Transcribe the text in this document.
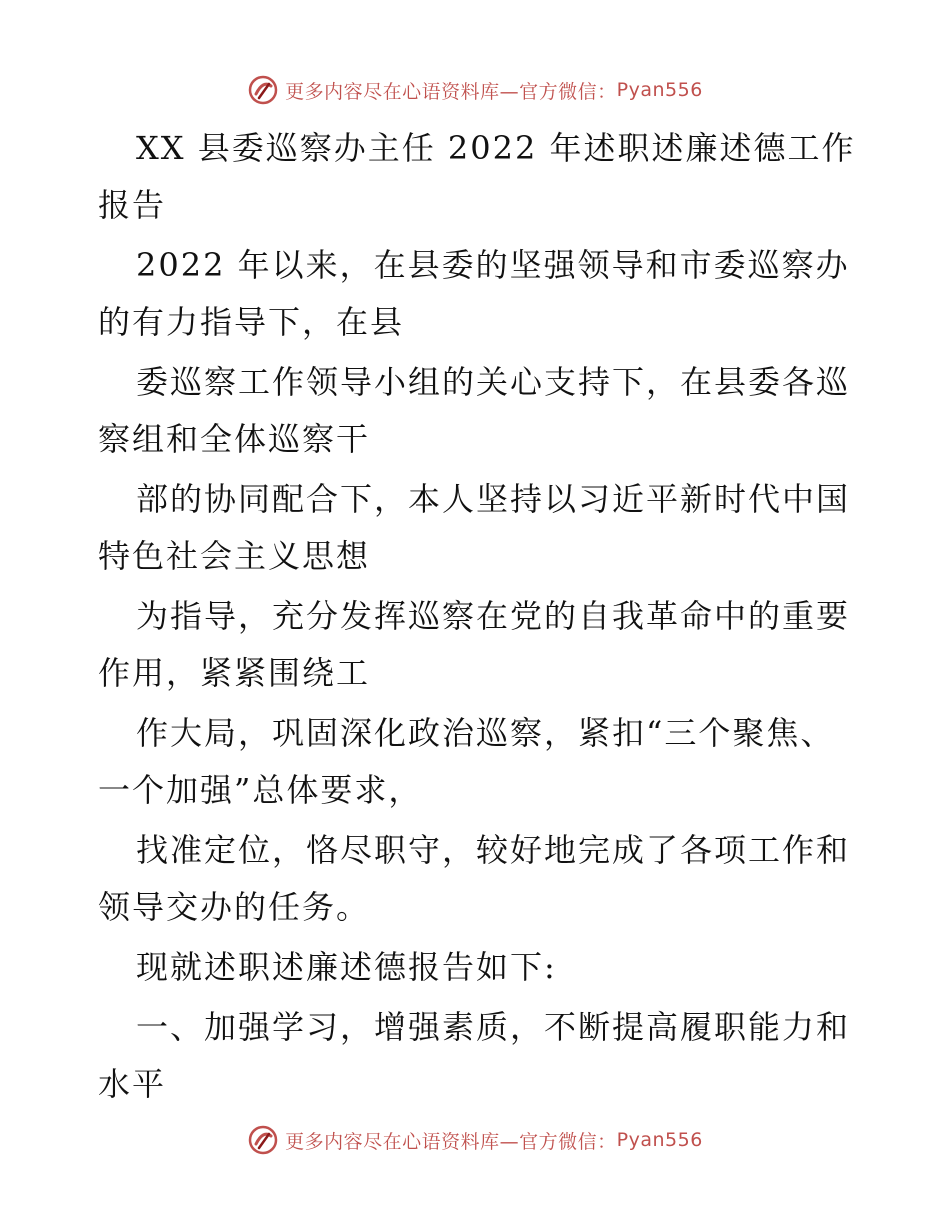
更多内容尽在心语资料库—官方微信： Pyan556

XX 县委巡察办主任 2022 年述职述廉述德工作报告

2022 年以来，在县委的坚强领导和市委巡察办的有力指导下，在县

委巡察工作领导小组的关心支持下，在县委各巡察组和全体巡察干

部的协同配合下，本人坚持以习近平新时代中国特色社会主义思想

为指导，充分发挥巡察在党的自我革命中的重要作用，紧紧围绕工

作大局，巩固深化政治巡察，紧扣“三个聚焦、一个加强”总体要求，

找准定位，恪尽职守，较好地完成了各项工作和领导交办的任务。

现就述职述廉述德报告如下:

一、加强学习，增强素质，不断提高履职能力和水平

更多内容尽在心语资料库—官方微信： Pyan556
